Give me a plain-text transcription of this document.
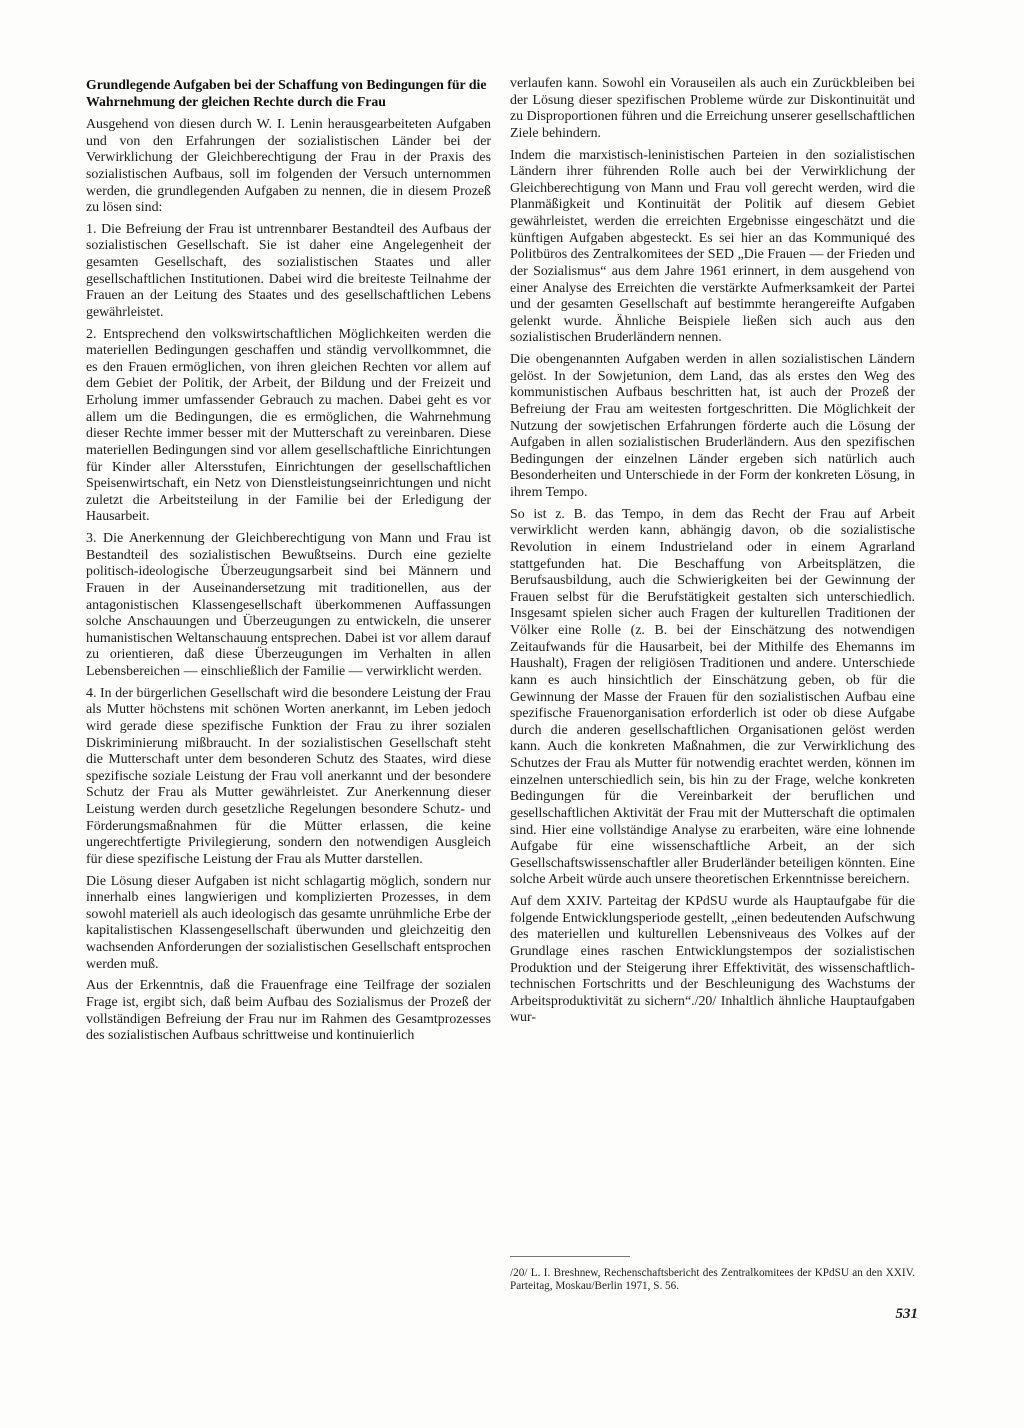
Grundlegende Aufgaben bei der Schaffung von Bedingungen für die Wahrnehmung der gleichen Rechte durch die Frau

Ausgehend von diesen durch W. I. Lenin herausgearbeiteten Aufgaben und von den Erfahrungen der sozialistischen Länder bei der Verwirklichung der Gleichberechtigung der Frau in der Praxis des sozialistischen Aufbaus, soll im folgenden der Versuch unternommen werden, die grundlegenden Aufgaben zu nennen, die in diesem Prozeß zu lösen sind:

1. Die Befreiung der Frau ist untrennbarer Bestandteil des Aufbaus der sozialistischen Gesellschaft. Sie ist daher eine Angelegenheit der gesamten Gesellschaft, des sozialistischen Staates und aller gesellschaftlichen Institutionen. Dabei wird die breiteste Teilnahme der Frauen an der Leitung des Staates und des gesellschaftlichen Lebens gewährleistet.

2. Entsprechend den volkswirtschaftlichen Möglichkeiten werden die materiellen Bedingungen geschaffen und ständig vervollkommnet, die es den Frauen ermöglichen, von ihren gleichen Rechten vor allem auf dem Gebiet der Politik, der Arbeit, der Bildung und der Freizeit und Erholung immer umfassender Gebrauch zu machen. Dabei geht es vor allem um die Bedingungen, die es ermöglichen, die Wahrnehmung dieser Rechte immer besser mit der Mutterschaft zu vereinbaren. Diese materiellen Bedingungen sind vor allem gesellschaftliche Einrichtungen für Kinder aller Altersstufen, Einrichtungen der gesellschaftlichen Speisenwirtschaft, ein Netz von Dienstleistungseinrichtungen und nicht zuletzt die Arbeitsteilung in der Familie bei der Erledigung der Hausarbeit.

3. Die Anerkennung der Gleichberechtigung von Mann und Frau ist Bestandteil des sozialistischen Bewußtseins. Durch eine gezielte politisch-ideologische Überzeugungsarbeit sind bei Männern und Frauen in der Auseinandersetzung mit traditionellen, aus der antagonistischen Klassengesellschaft überkommenen Auffassungen solche Anschauungen und Überzeugungen zu entwickeln, die unserer humanistischen Weltanschauung entsprechen. Dabei ist vor allem darauf zu orientieren, daß diese Überzeugungen im Verhalten in allen Lebensbereichen — einschließlich der Familie — verwirklicht werden.

4. In der bürgerlichen Gesellschaft wird die besondere Leistung der Frau als Mutter höchstens mit schönen Worten anerkannt, im Leben jedoch wird gerade diese spezifische Funktion der Frau zu ihrer sozialen Diskriminierung mißbraucht. In der sozialistischen Gesellschaft steht die Mutterschaft unter dem besonderen Schutz des Staates, wird diese spezifische soziale Leistung der Frau voll anerkannt und der besondere Schutz der Frau als Mutter gewährleistet. Zur Anerkennung dieser Leistung werden durch gesetzliche Regelungen besondere Schutz- und Förderungsmaßnahmen für die Mütter erlassen, die keine ungerechtfertigte Privilegierung, sondern den notwendigen Ausgleich für diese spezifische Leistung der Frau als Mutter darstellen.

Die Lösung dieser Aufgaben ist nicht schlagartig möglich, sondern nur innerhalb eines langwierigen und komplizierten Prozesses, in dem sowohl materiell als auch ideologisch das gesamte unrühmliche Erbe der kapitalistischen Klassengesellschaft überwunden und gleichzeitig den wachsenden Anforderungen der sozialistischen Gesellschaft entsprochen werden muß.

Aus der Erkenntnis, daß die Frauenfrage eine Teilfrage der sozialen Frage ist, ergibt sich, daß beim Aufbau des Sozialismus der Prozeß der vollständigen Befreiung der Frau nur im Rahmen des Gesamtprozesses des sozialistischen Aufbaus schrittweise und kontinuierlich

verlaufen kann. Sowohl ein Vorauseilen als auch ein Zurückbleiben bei der Lösung dieser spezifischen Probleme würde zur Diskontinuität und zu Disproportionen führen und die Erreichung unserer gesellschaftlichen Ziele behindern.

Indem die marxistisch-leninistischen Parteien in den sozialistischen Ländern ihrer führenden Rolle auch bei der Verwirklichung der Gleichberechtigung von Mann und Frau voll gerecht werden, wird die Planmäßigkeit und Kontinuität der Politik auf diesem Gebiet gewährleistet, werden die erreichten Ergebnisse eingeschätzt und die künftigen Aufgaben abgesteckt. Es sei hier an das Kommuniqué des Politbüros des Zentralkomitees der SED „Die Frauen — der Frieden und der Sozialismus“ aus dem Jahre 1961 erinnert, in dem ausgehend von einer Analyse des Erreichten die verstärkte Aufmerksamkeit der Partei und der gesamten Gesellschaft auf bestimmte herangereifte Aufgaben gelenkt wurde. Ähnliche Beispiele ließen sich auch aus den sozialistischen Bruderländern nennen.

Die obengenannten Aufgaben werden in allen sozialistischen Ländern gelöst. In der Sowjetunion, dem Land, das als erstes den Weg des kommunistischen Aufbaus beschritten hat, ist auch der Prozeß der Befreiung der Frau am weitesten fortgeschritten. Die Möglichkeit der Nutzung der sowjetischen Erfahrungen förderte auch die Lösung der Aufgaben in allen sozialistischen Bruderländern. Aus den spezifischen Bedingungen der einzelnen Länder ergeben sich natürlich auch Besonderheiten und Unterschiede in der Form der konkreten Lösung, in ihrem Tempo.

So ist z. B. das Tempo, in dem das Recht der Frau auf Arbeit verwirklicht werden kann, abhängig davon, ob die sozialistische Revolution in einem Industrieland oder in einem Agrarland stattgefunden hat. Die Beschaffung von Arbeitsplätzen, die Berufsausbildung, auch die Schwierigkeiten bei der Gewinnung der Frauen selbst für die Berufstätigkeit gestalten sich unterschiedlich. Insgesamt spielen sicher auch Fragen der kulturellen Traditionen der Völker eine Rolle (z. B. bei der Einschätzung des notwendigen Zeitaufwands für die Hausarbeit, bei der Mithilfe des Ehemanns im Haushalt), Fragen der religiösen Traditionen und andere. Unterschiede kann es auch hinsichtlich der Einschätzung geben, ob für die Gewinnung der Masse der Frauen für den sozialistischen Aufbau eine spezifische Frauenorganisation erforderlich ist oder ob diese Aufgabe durch die anderen gesellschaftlichen Organisationen gelöst werden kann. Auch die konkreten Maßnahmen, die zur Verwirklichung des Schutzes der Frau als Mutter für notwendig erachtet werden, können im einzelnen unterschiedlich sein, bis hin zu der Frage, welche konkreten Bedingungen für die Vereinbarkeit der beruflichen und gesellschaftlichen Aktivität der Frau mit der Mutterschaft die optimalen sind. Hier eine vollständige Analyse zu erarbeiten, wäre eine lohnende Aufgabe für eine wissenschaftliche Arbeit, an der sich Gesellschaftswissenschaftler aller Bruderländer beteiligen könnten. Eine solche Arbeit würde auch unsere theoretischen Erkenntnisse bereichern.

Auf dem XXIV. Parteitag der KPdSU wurde als Hauptaufgabe für die folgende Entwicklungsperiode gestellt, „einen bedeutenden Aufschwung des materiellen und kulturellen Lebensniveaus des Volkes auf der Grundlage eines raschen Entwicklungstempos der sozialistischen Produktion und der Steigerung ihrer Effektivität, des wissenschaftlich-technischen Fortschritts und der Beschleunigung des Wachstums der Arbeitsproduktivität zu sichern“./20/ Inhaltlich ähnliche Hauptaufgaben wur-

/20/ L. I. Breshnew, Rechenschaftsbericht des Zentralkomitees der KPdSU an den XXIV. Parteitag, Moskau/Berlin 1971, S. 56.
531
